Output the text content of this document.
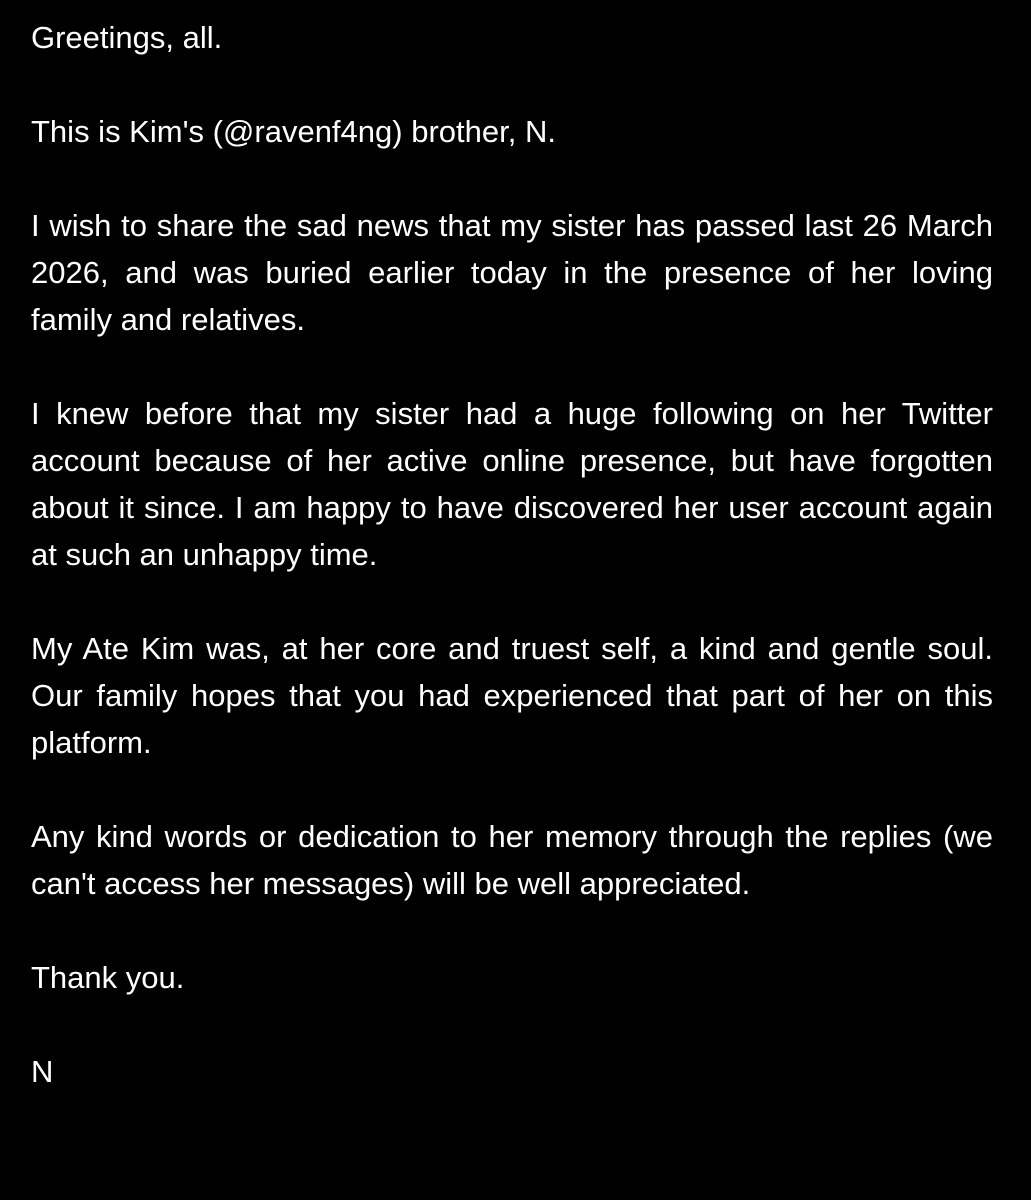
Greetings, all.

This is Kim's (@ravenf4ng) brother, N.

I wish to share the sad news that my sister has passed last 26 March 2026, and was buried earlier today in the presence of her loving family and relatives.

I knew before that my sister had a huge following on her Twitter account because of her active online presence, but have forgotten about it since. I am happy to have discovered her user account again at such an unhappy time.

My Ate Kim was, at her core and truest self, a kind and gentle soul. Our family hopes that you had experienced that part of her on this platform.

Any kind words or dedication to her memory through the replies (we can't access her messages) will be well appreciated.

Thank you.

N
